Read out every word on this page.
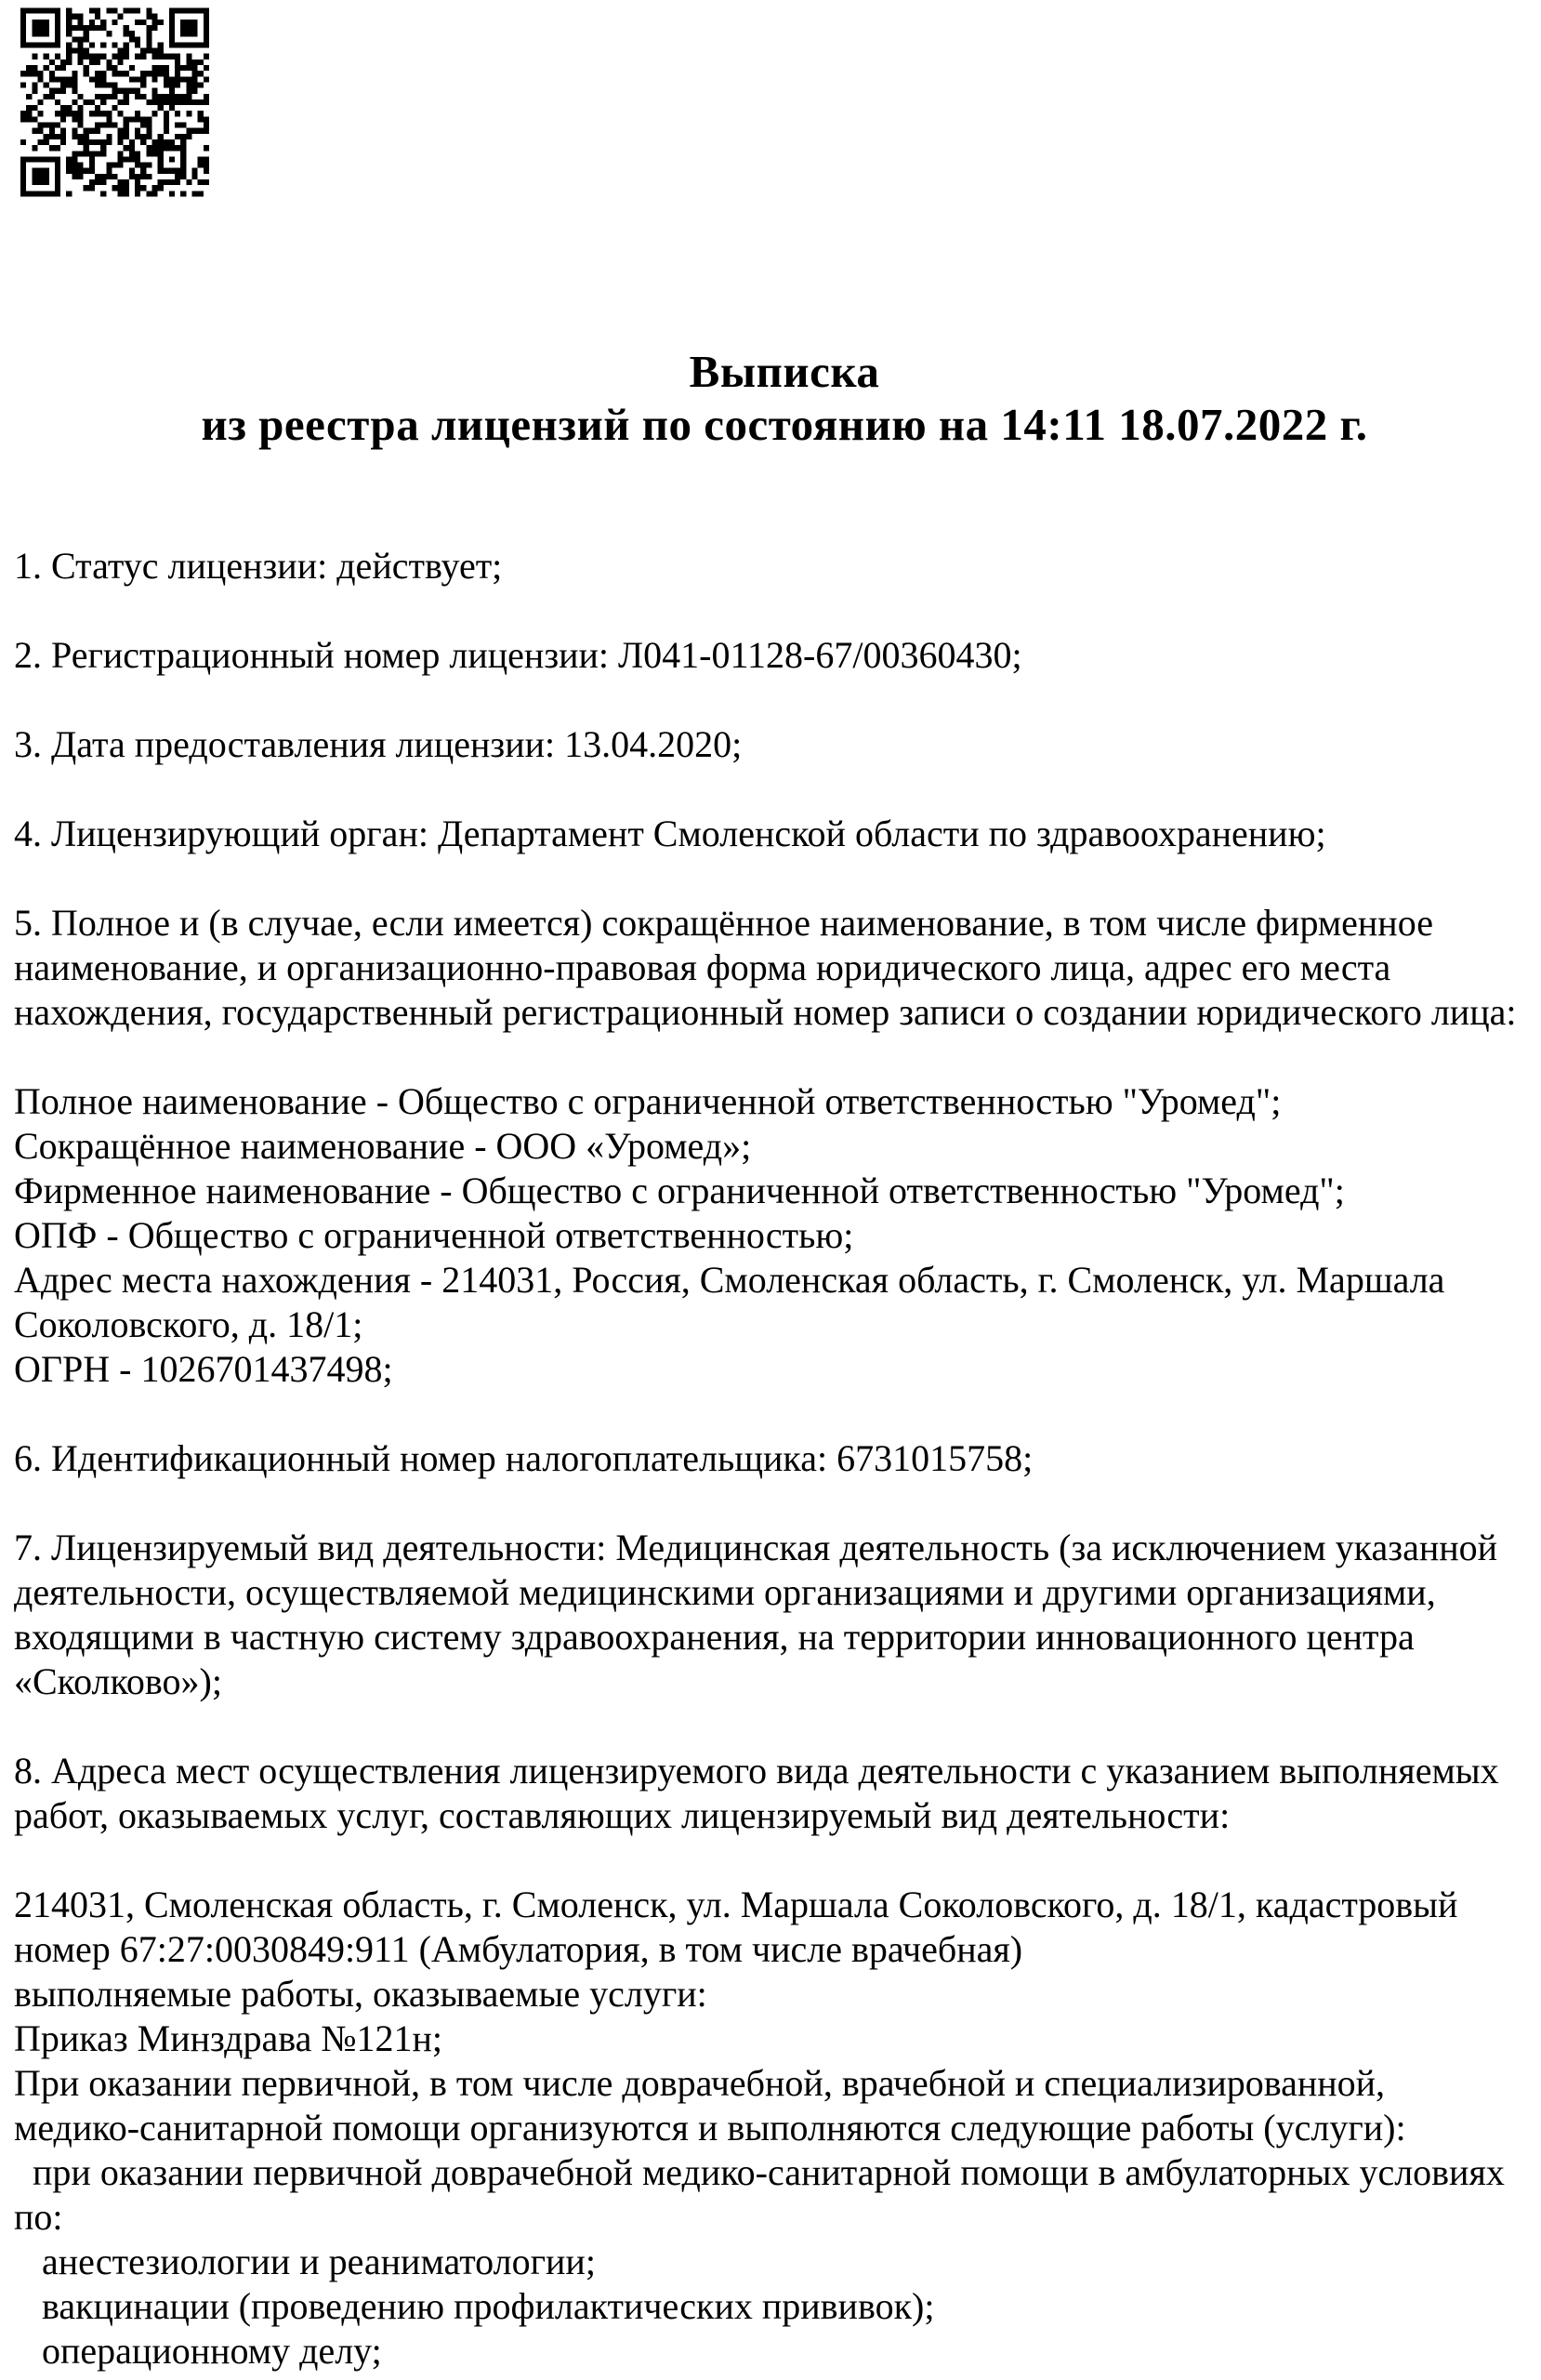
Выписка
из реестра лицензий по состоянию на 14:11 18.07.2022 г.
1. Статус лицензии: действует;
2. Регистрационный номер лицензии: Л041-01128-67/00360430;
3. Дата предоставления лицензии: 13.04.2020;
4. Лицензирующий орган: Департамент Смоленской области по здравоохранению;
5. Полное и (в случае, если имеется) сокращённое наименование, в том числе фирменное
наименование, и организационно-правовая форма юридического лица, адрес его места
нахождения, государственный регистрационный номер записи о создании юридического лица:
Полное наименование - Общество с ограниченной ответственностью "Уромед";
Сокращённое наименование - ООО «Уромед»;
Фирменное наименование - Общество с ограниченной ответственностью "Уромед";
ОПФ - Общество с ограниченной ответственностью;
Адрес места нахождения - 214031, Россия, Смоленская область, г. Смоленск, ул. Маршала
Соколовского, д. 18/1;
ОГРН - 1026701437498;
6. Идентификационный номер налогоплательщика: 6731015758;
7. Лицензируемый вид деятельности: Медицинская деятельность (за исключением указанной
деятельности, осуществляемой медицинскими организациями и другими организациями,
входящими в частную систему здравоохранения, на территории инновационного центра
«Сколково»);
8. Адреса мест осуществления лицензируемого вида деятельности с указанием выполняемых
работ, оказываемых услуг, составляющих лицензируемый вид деятельности:
214031, Смоленская область, г. Смоленск, ул. Маршала Соколовского, д. 18/1, кадастровый
номер 67:27:0030849:911 (Амбулатория, в том числе врачебная)
выполняемые работы, оказываемые услуги:
Приказ Минздрава №121н;
При оказании первичной, в том числе доврачебной, врачебной и специализированной,
медико-санитарной помощи организуются и выполняются следующие работы (услуги):
при оказании первичной доврачебной медико-санитарной помощи в амбулаторных условиях
по:
анестезиологии и реаниматологии;
вакцинации (проведению профилактических прививок);
операционному делу;
